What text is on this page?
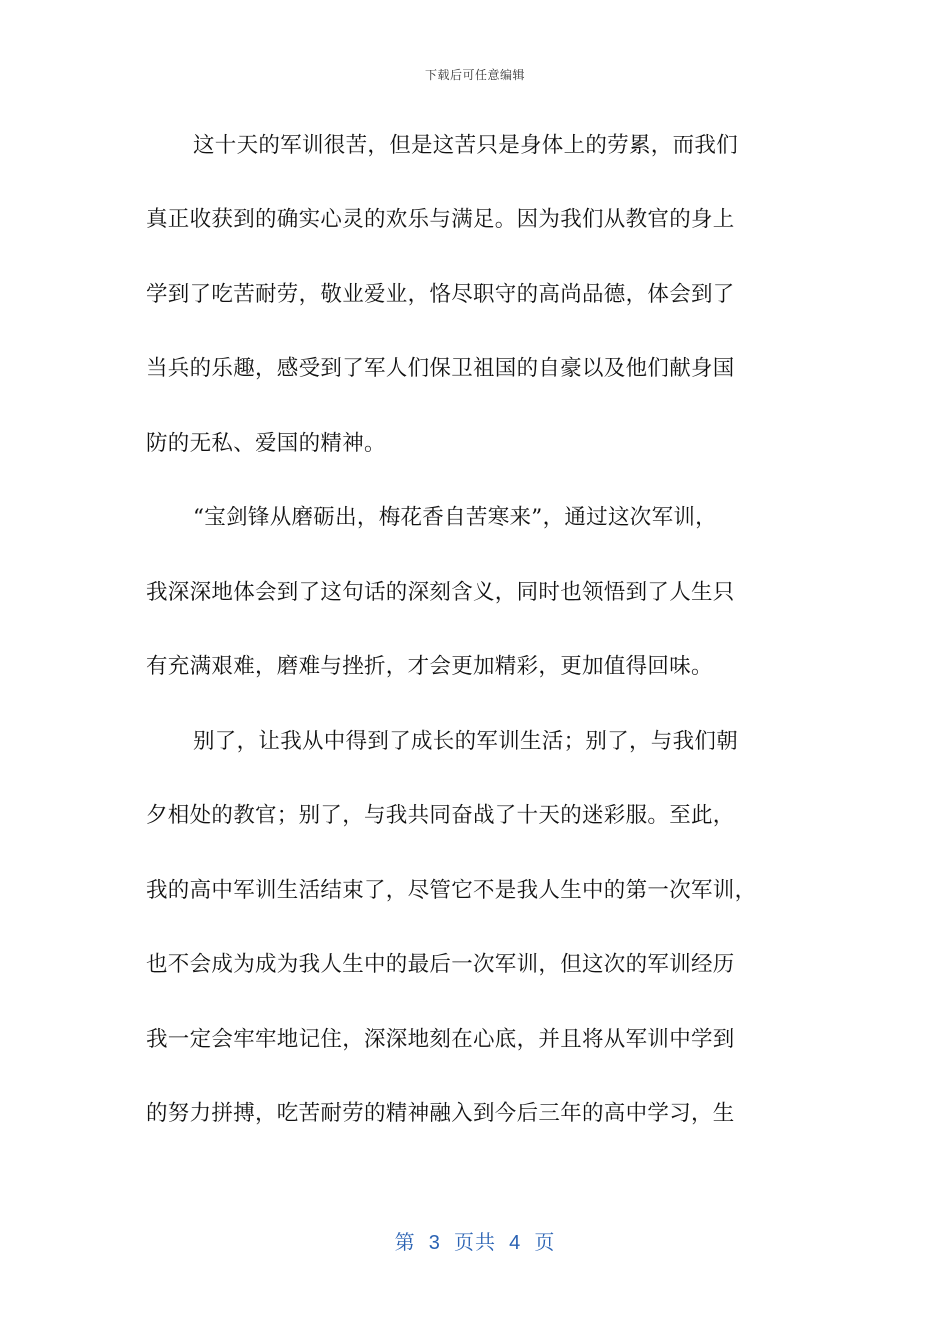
下载后可任意编辑
这十天的军训很苦，但是这苦只是身体上的劳累，而我们
真正收获到的确实心灵的欢乐与满足。因为我们从教官的身上
学到了吃苦耐劳，敬业爱业，恪尽职守的高尚品德，体会到了
当兵的乐趣，感受到了军人们保卫祖国的自豪以及他们献身国
防的无私、爱国的精神。
“宝剑锋从磨砺出，梅花香自苦寒来”，通过这次军训，
我深深地体会到了这句话的深刻含义，同时也领悟到了人生只
有充满艰难，磨难与挫折，才会更加精彩，更加值得回味。
别了，让我从中得到了成长的军训生活；别了，与我们朝
夕相处的教官；别了，与我共同奋战了十天的迷彩服。至此，
我的高中军训生活结束了，尽管它不是我人生中的第一次军训，
也不会成为成为我人生中的最后一次军训，但这次的军训经历
我一定会牢牢地记住，深深地刻在心底，并且将从军训中学到
的努力拼搏，吃苦耐劳的精神融入到今后三年的高中学习，生
第  3  页共  4  页
